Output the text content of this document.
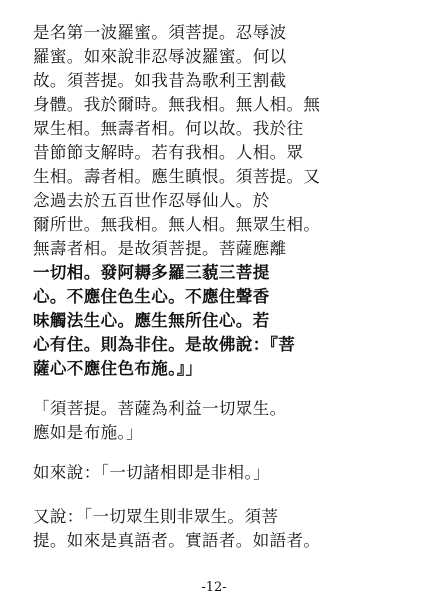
是名第一波羅蜜。須菩提。忍辱波
羅蜜。如來說非忍辱波羅蜜。何以
故。須菩提。如我昔為歌利王割截
身體。我於爾時。無我相。無人相。無
眾生相。無壽者相。何以故。我於往
昔節節支解時。若有我相。人相。眾
生相。壽者相。應生瞋恨。須菩提。又
念過去於五百世作忍辱仙人。於
爾所世。無我相。無人相。無眾生相。
無壽者相。是故須菩提。菩薩應離
一切相。發阿耨多羅三藐三菩提
心。不應住色生心。不應住聲香
味觸法生心。應生無所住心。若
心有住。則為非住。是故佛說：『菩
薩心不應住色布施。』」
「須菩提。菩薩為利益一切眾生。
應如是布施。」
如來說：「一切諸相即是非相。」
又說：「一切眾生則非眾生。須菩
提。如來是真語者。實語者。如語者。
-12-
